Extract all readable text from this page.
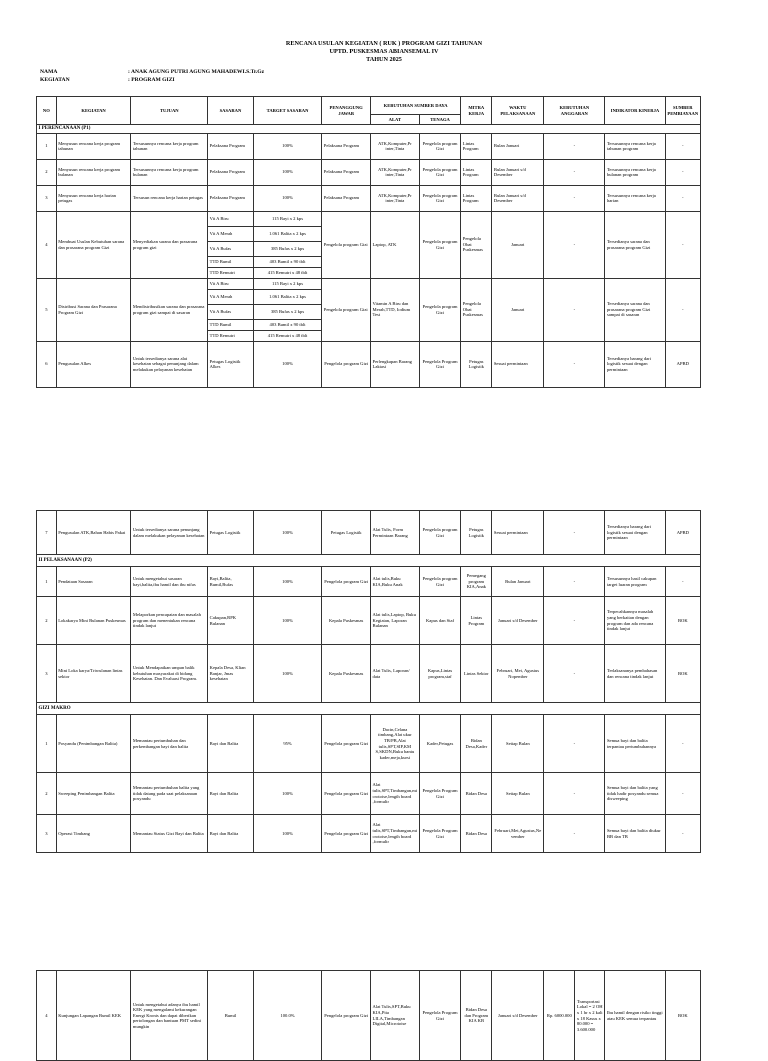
RENCANA USULAN KEGIATAN ( RUK ) PROGRAM GIZI TAHUNAN
UPTD. PUSKESMAS ABIANSEMAL IV
TAHUN 2025
NAMA	: ANAK AGUNG PUTRI AGUNG MAHADEWI.S.Tr.Gz
KEGIATAN	: PROGRAM GIZI
NO	KEGIATAN	TUJUAN	SASARAN	TARGET SASARAN	PENANGGUNG JAWAB	KEBUTUHAN SUMBER DAYA		MITRA KERJA	WAKTU PELAKSANAAN	KEBUTUHAN ANGGARAN	INDIKATOR KINERJA	SUMBER PEMBIAYAAN
						ALAT	TENAGA					
I PERENCANAAN (P1)												
1	Menyusun rencana kerja program tahunan	Tersusunnya rencana kerja program tahunan	Pelaksana Program	100%	Pelaksana Program	ATK,Komputer,Pr inter,Tinta	Pengelola program Gizi	Lintas Program	Bulan Januari	-	Tersusunnya rencana kerja tahunan program	-
2	Menyusun rencana kerja program bulanan	Tersusunnya rencana kerja program bulanan	Pelaksana Program	100%	Pelaksana Program	ATK,Komputer,Pr inter,Tinta	Pengelola program Gizi	Lintas Program	Bulan Januari s/d Desember	-	Tersusunnya rencana kerja bulanan program	-
3	Menyusun rencana kerja harian petugas	Tersusun rencana kerja harian petugas	Pelaksana Program	100%	Pelaksana Program	ATK,Komputer,Pr inter,Tinta	Pengelola program Gizi	Lintas Program	Bulan Januari s/d Desember	-	Tersusunnya rencana kerja harian	-
4	Membuat Usulan Kebutuhan sarana dan prasarana program Gizi	Menyediakan sarana dan prasarana program gizi	Vit A Biru	115 Bayi x 2 kps	Pengelola program Gizi	Laptop, ATK	Pengelola program Gizi	Pengelola Obat Puskesmas	Januari	-	Tersedianya sarana dan prasarana program Gizi	-
			Vit A Merah	1.061 Balita x 2 kps								
			Vit A Bufas	385 Bufas x 2 kps								
			TTD Bumil	403 Bumil x 90 tblt								
			TTD Remutri	415 Remutri x 48 tblt								
5	Distribusi Sarana dan Prasarana Program Gizi	Mendistribusikan sarana dan prasarana program gizi sampai di sasaran	Vit A Biru	115 Bayi x 2 kps	Pengelola program Gizi	Vitamin A Biru dan Merah,TTD, Iodium Test	Pengelola program Gizi	Pengelola Obat Puskesmas	Januari	-	Tersedianya sarana dan prasarana program Gizi sampai di sasaran	-
			Vit A Merah	1.061 Balita x 2 kps								
			Vit A Bufas	385 Bufas x 2 kps								
			TTD Bumil	403 Bumil x 90 tblt								
			TTD Remutri	415 Remutri x 48 tblt								
6	Pengusulan Alkes	Untuk tersedianya sarana alat kesehatan sebagai penunjang dalam melakukan pelayanan kesehatan	Petugas Logistik Alkes	100%	Pengelola program Gizi	Perlengkapan Barang Laktasi	Pengelola Program Gizi	Petugas Logistik	Sesuai permintaan	-	Tersedianya barang dari logistik sesuai dengan permintaan	APBD
7	Pengusulan ATK,Bahan Habis Pakai	Untuk tersedianya sarana penunjang dalam melakukan pelayanan kesehatan	Petugas Logistik	100%	Petugas Logistik	Alat Tulis, Form Permintaan Barang	Pengelola program Gizi	Petugas Logistik	Sesuai permintaan	-	Tersedianya barang dari logistik sesuai dengan permintaan	APBD
II PELAKSANAAN (P2)												
1	Pendataan Sasaran	Untuk mengetahui sasaran bayi,balita,ibu hamil dan ibu nifas	Bayi,Balita, Bumil,Bufas	100%	Pengelola program Gizi	Alat tulis,Buku KIA,Buku Anak	Pengelola program Gizi	Pemegang program KIA,Anak	Bulan Januari	-	Tersusunnya hasil cakupan target luaran program	-
2	Lokakarya Mini Bulanan Puskesmas	Melaporkan pencapaian dan masalah program dan menentukan rencana tindak lanjut	Cakupan,RPK Bulanan	100%	Kepala Puskesmas	Alat tulis,Laptop, Buku Kegiatan, Laporan Bulanan	Kapus dan Staf	Lintas Program	Januari s/d Desember	-	Terpecahkannya masalah yang berkaitan dengan program dan ada rencana tindak lanjut	BOK
3	Mini Loka karya/Triwulanan lintas sektor	Untuk Mendapatkan umpan balik kebutuhan masyarakat di bidang Kesehatan. Dan Evaluasi Program.	Kepala Desa, Klian Banjar, Jmas kesehatan	100%	Kepala Puskesmas	Alat Tulis, Laporan/ data	Kapus,Lintas program,staf	Lintas Sektor	Februari, Mei, Agustus Nopember	-	Terlaksananya pembahasan dan rencana tindak lanjut	BOK
GIZI MAKRO												
1	Posyandu (Penimbangan Balita)	Memantau pertumbuhan dan perkembangan bayi dan balita	Bayi dan Balita	95%	Pengelola program Gizi	Dacin,Celana timbang,Alat ukur TB/PB,Alat tulis,SPT,SIP,KM S,SKDN,Buku bantu kader,meja,kursi	Kader,Petugas	Bidan Desa,Kader	Setiap Bulan	-	Semua bayi dan balita terpantau pertumbuhannya	-
2	Sweeping Penimbangan Balita	Memantau pertumbuhan balita yang tidak datang pada saat pelaksanaan posyandu	Bayi dan Balita	100%	Pengelola program Gizi	Alat tulis,SPT,Timbangan,microtoise,length board ,formulir	Pengelola Program Gizi	Bidan Desa	Setiap Bulan	-	Semua bayi dan balita yang tidak hadir posyandu semua disweeping	-
3	Operasi Timbang	Memantau Status Gizi Bayi dan Balita	Bayi dan Balita	100%	Pengelola program Gizi	Alat tulis,SPT,Timbangan,microtoise,length board ,formulir	Pengelola Program Gizi	Bidan Desa	Februari,Mei,Agustus,Nevember	-	Semua bayi dan balita diukur BB dan TB	-
4	Kunjungan Lapangan Bumil KEK	Untuk mengetahui adanya ibu hamil KEK yang mengalami kekurangan Energi Kronis dan dapat diberikan pertolongan dan bantuan PMT sedini mungkin	Bumil	100.0%	Pengelola program Gizi	Alat Tulis,SPT,Buku KIA,Pita LILA,Timbangan Digital,Microtoise	Pengelola Program Gizi	Bidan Desa dan Program KIA KB	Januari s/d Desember	Rp. 6000.000	Transportasi Lokal = 2 OH x 1 hr x 2 kali x 18 Kasus x 80.000 = 3.600.000	Ibu hamil dengan risiko tinggi atau KEK semua terpantau	BOK
